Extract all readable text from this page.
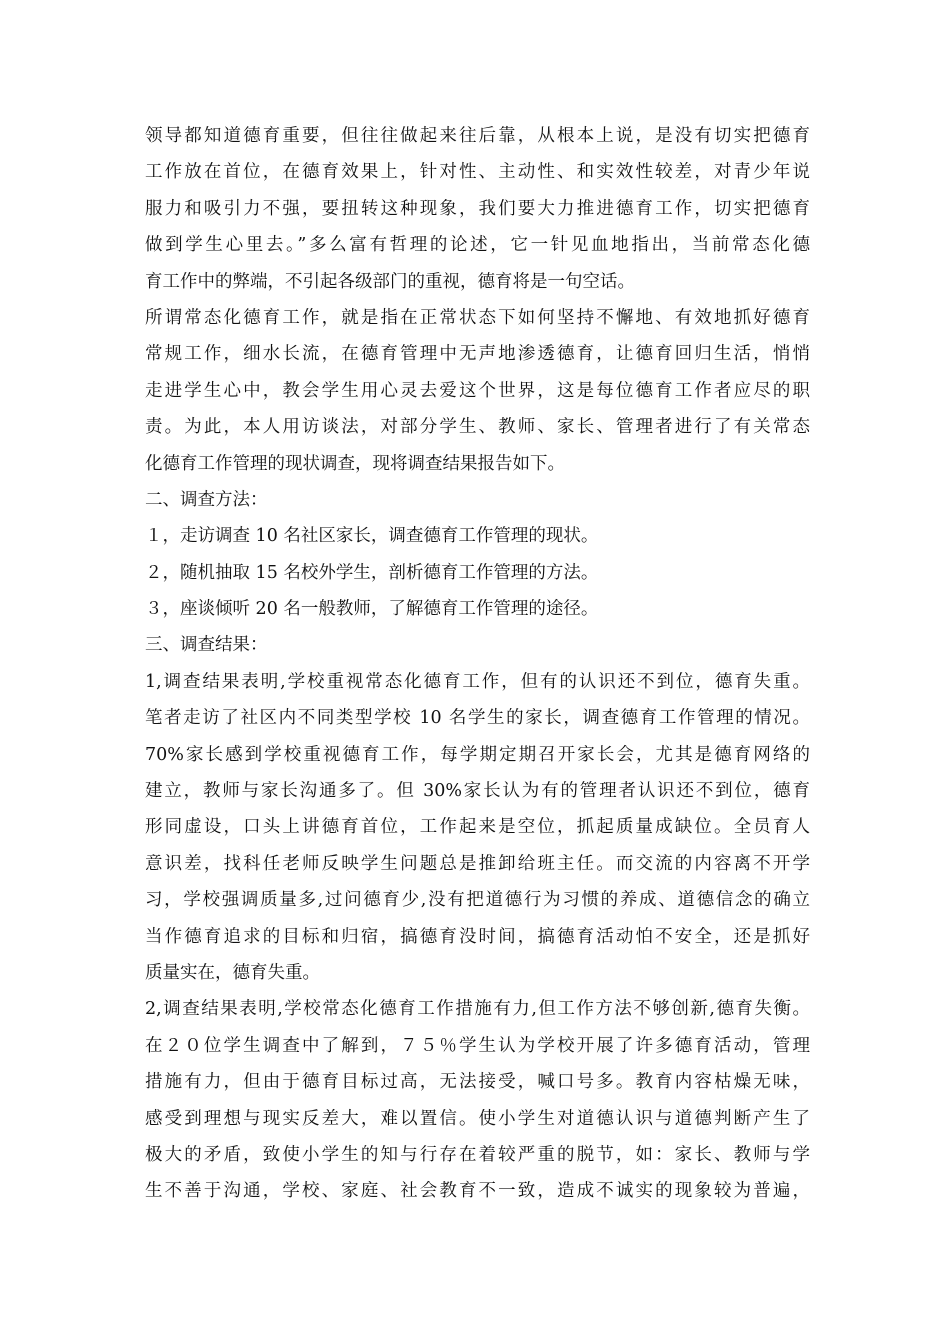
领导都知道德育重要，但往往做起来往后靠，从根本上说，是没有切实把德育
工作放在首位，在德育效果上，针对性、主动性、和实效性较差，对青少年说
服力和吸引力不强，要扭转这种现象，我们要大力推进德育工作，切实把德育
做到学生心里去。”多么富有哲理的论述，它一针见血地指出，当前常态化德
育工作中的弊端，不引起各级部门的重视，德育将是一句空话。
所谓常态化德育工作，就是指在正常状态下如何坚持不懈地、有效地抓好德育
常规工作，细水长流，在德育管理中无声地渗透德育，让德育回归生活，悄悄
走进学生心中，教会学生用心灵去爱这个世界，这是每位德育工作者应尽的职
责。为此，本人用访谈法，对部分学生、教师、家长、管理者进行了有关常态
化德育工作管理的现状调查，现将调查结果报告如下。
二、调查方法：
１，走访调查 10 名社区家长，调查德育工作管理的现状。
２，随机抽取 15 名校外学生，剖析德育工作管理的方法。
３，座谈倾听 20 名一般教师，了解德育工作管理的途径。
三、调查结果：
1,调查结果表明,学校重视常态化德育工作，但有的认识还不到位，德育失重。
笔者走访了社区内不同类型学校 10 名学生的家长，调查德育工作管理的情况。
70%家长感到学校重视德育工作，每学期定期召开家长会，尤其是德育网络的
建立，教师与家长沟通多了。但 30%家长认为有的管理者认识还不到位，德育
形同虚设，口头上讲德育首位，工作起来是空位，抓起质量成缺位。全员育人
意识差，找科任老师反映学生问题总是推卸给班主任。而交流的内容离不开学
习，学校强调质量多,过问德育少,没有把道德行为习惯的养成、道德信念的确立
当作德育追求的目标和归宿，搞德育没时间，搞德育活动怕不安全，还是抓好
质量实在，德育失重。
2,调查结果表明,学校常态化德育工作措施有力,但工作方法不够创新,德育失衡。
在２０位学生调查中了解到，７５％学生认为学校开展了许多德育活动，管理
措施有力，但由于德育目标过高，无法接受，喊口号多。教育内容枯燥无味，
感受到理想与现实反差大，难以置信。使小学生对道德认识与道德判断产生了
极大的矛盾，致使小学生的知与行存在着较严重的脱节，如：家长、教师与学
生不善于沟通，学校、家庭、社会教育不一致，造成不诚实的现象较为普遍，
